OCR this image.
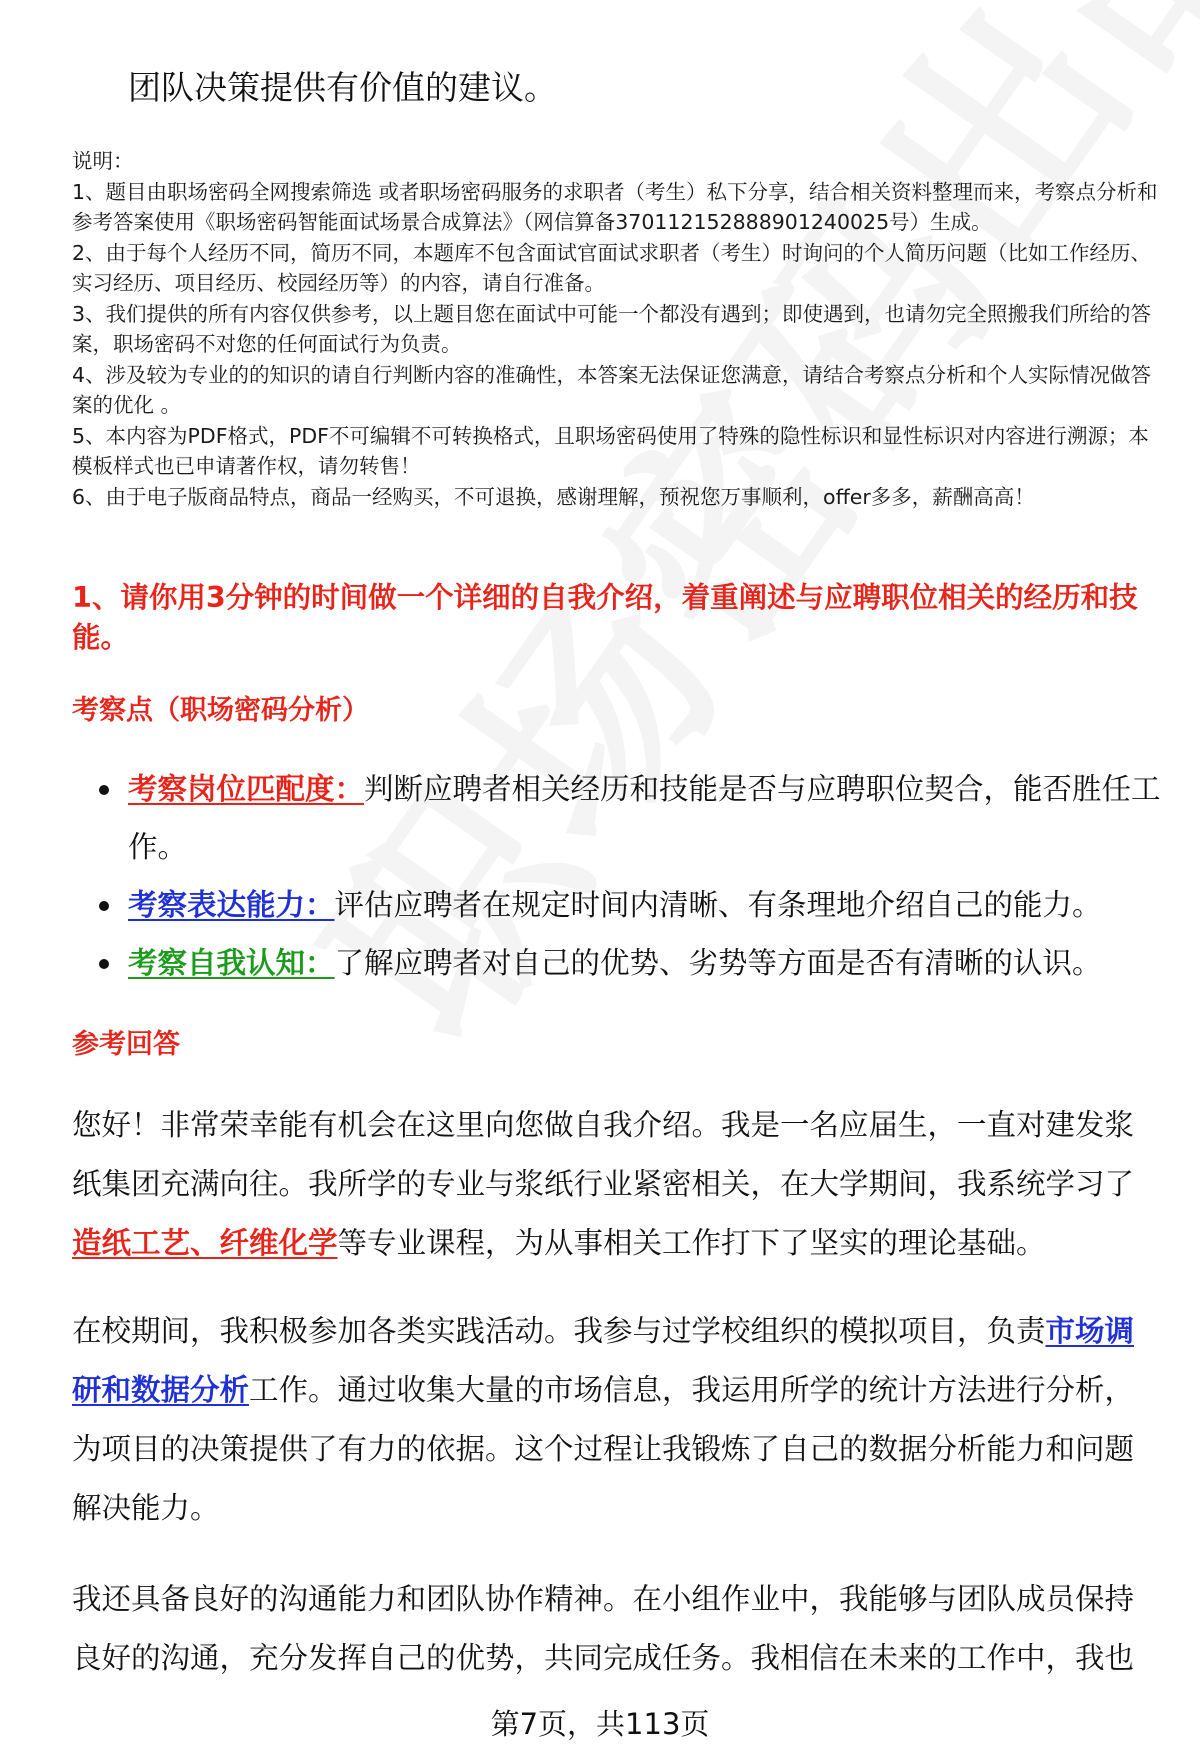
团队决策提供有价值的建议。

说明：

1、题目由职场密码全网搜索筛选 或者职场密码服务的求职者（考生）私下分享，结合相关资料整理而来，考察点分析和参考答案使用《职场密码智能面试场景合成算法》（网信算备370112152888901240025号）生成。

2、由于每个人经历不同，简历不同，本题库不包含面试官面试求职者（考生）时询问的个人简历问题（比如工作经历、实习经历、项目经历、校园经历等）的内容，请自行准备。

3、我们提供的所有内容仅供参考，以上题目您在面试中可能一个都没有遇到；即使遇到，也请勿完全照搬我们所给的答案，职场密码不对您的任何面试行为负责。

4、涉及较为专业的的知识的请自行判断内容的准确性，本答案无法保证您满意，请结合考察点分析和个人实际情况做答案的优化 。

5、本内容为PDF格式，PDF不可编辑不可转换格式，且职场密码使用了特殊的隐性标识和显性标识对内容进行溯源；本模板样式也已申请著作权，请勿转售！

6、由于电子版商品特点，商品一经购买，不可退换，感谢理解，预祝您万事顺利，offer多多，薪酬高高！

1、请你用3分钟的时间做一个详细的自我介绍，着重阐述与应聘职位相关的经历和技能。
考察点（职场密码分析）
考察岗位匹配度：判断应聘者相关经历和技能是否与应聘职位契合，能否胜任工作。
考察表达能力：评估应聘者在规定时间内清晰、有条理地介绍自己的能力。
考察自我认知：了解应聘者对自己的优势、劣势等方面是否有清晰的认识。
参考回答

您好！非常荣幸能有机会在这里向您做自我介绍。我是一名应届生，一直对建发浆纸集团充满向往。我所学的专业与浆纸行业紧密相关，在大学期间，我系统学习了造纸工艺、纤维化学等专业课程，为从事相关工作打下了坚实的理论基础。

在校期间，我积极参加各类实践活动。我参与过学校组织的模拟项目，负责市场调研和数据分析工作。通过收集大量的市场信息，我运用所学的统计方法进行分析，为项目的决策提供了有力的依据。这个过程让我锻炼了自己的数据分析能力和问题解决能力。

我还具备良好的沟通能力和团队协作精神。在小组作业中，我能够与团队成员保持良好的沟通，充分发挥自己的优势，共同完成任务。我相信在未来的工作中，我也

第7页，共113页
